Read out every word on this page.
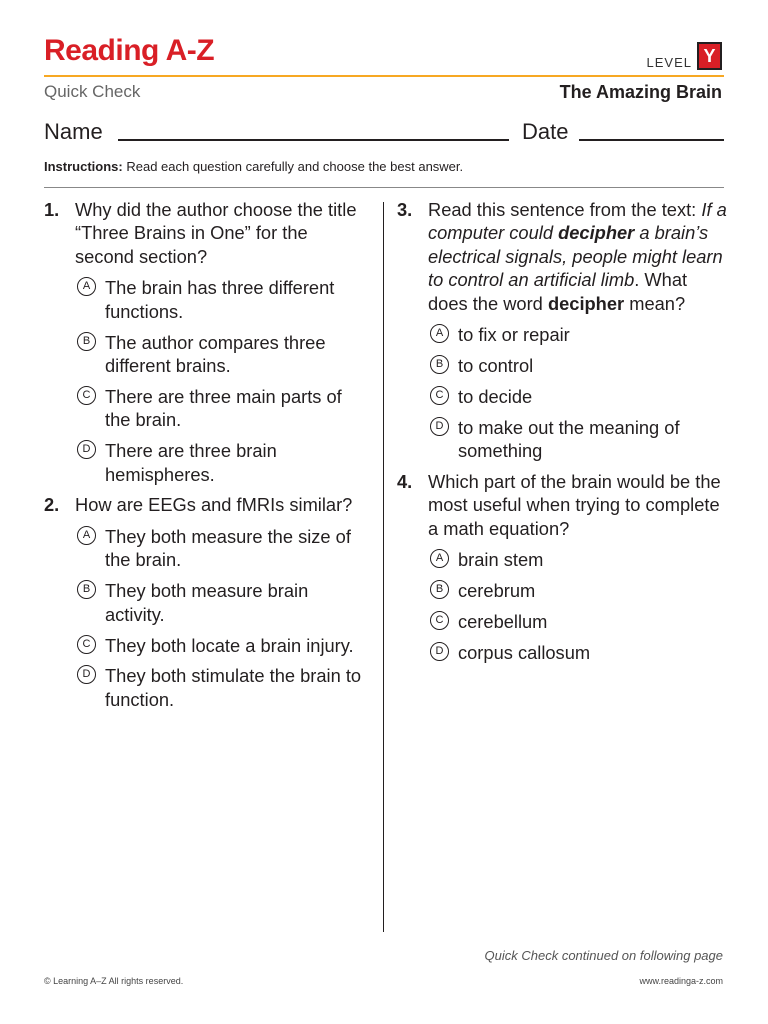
Reading A-Z	LEVEL Y
Quick Check	The Amazing Brain
Name	Date
Instructions: Read each question carefully and choose the best answer.
1. Why did the author choose the title “Three Brains in One” for the second section?
A The brain has three different functions.
B The author compares three different brains.
C There are three main parts of the brain.
D There are three brain hemispheres.
2. How are EEGs and fMRIs similar?
A They both measure the size of the brain.
B They both measure brain activity.
C They both locate a brain injury.
D They both stimulate the brain to function.
3. Read this sentence from the text: If a computer could decipher a brain’s electrical signals, people might learn to control an artificial limb. What does the word decipher mean?
A to fix or repair
B to control
C to decide
D to make out the meaning of something
4. Which part of the brain would be the most useful when trying to complete a math equation?
A brain stem
B cerebrum
C cerebellum
D corpus callosum
Quick Check continued on following page
© Learning A–Z All rights reserved.	www.readinga-z.com
